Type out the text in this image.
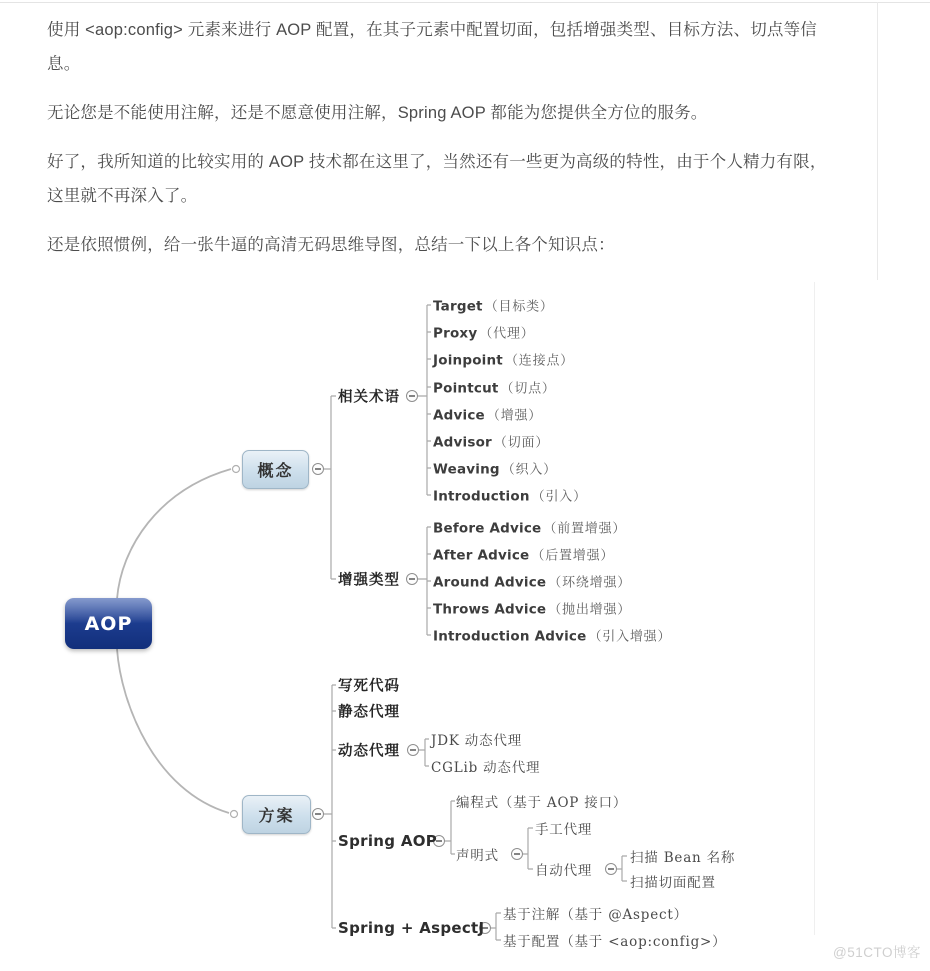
使用 <aop:config> 元素来进行 AOP 配置，在其子元素中配置切面，包括增强类型、目标方法、切点等信息。

无论您是不能使用注解，还是不愿意使用注解，Spring AOP 都能为您提供全方位的服务。

好了，我所知道的比较实用的 AOP 技术都在这里了，当然还有一些更为高级的特性，由于个人精力有限，这里就不再深入了。

还是依照惯例，给一张牛逼的高清无码思维导图，总结一下以上各个知识点：

AOP
概念
方案
相关术语
增强类型
写死代码
静态代理
动态代理
Spring AOP
Spring + AspectJ
Target （目标类）
Proxy （代理）
Joinpoint （连接点）
Pointcut （切点）
Advice （增强）
Advisor （切面）
Weaving （织入）
Introduction （引入）
Before Advice （前置增强）
After Advice （后置增强）
Around Advice （环绕增强）
Throws Advice （抛出增强）
Introduction Advice （引入增强）
JDK 动态代理
CGLib 动态代理
编程式（基于 AOP 接口）
声明式
手工代理
自动代理
扫描 Bean 名称
扫描切面配置
基于注解（基于 @Aspect）
基于配置（基于 <aop:config>）
@51CTO博客
